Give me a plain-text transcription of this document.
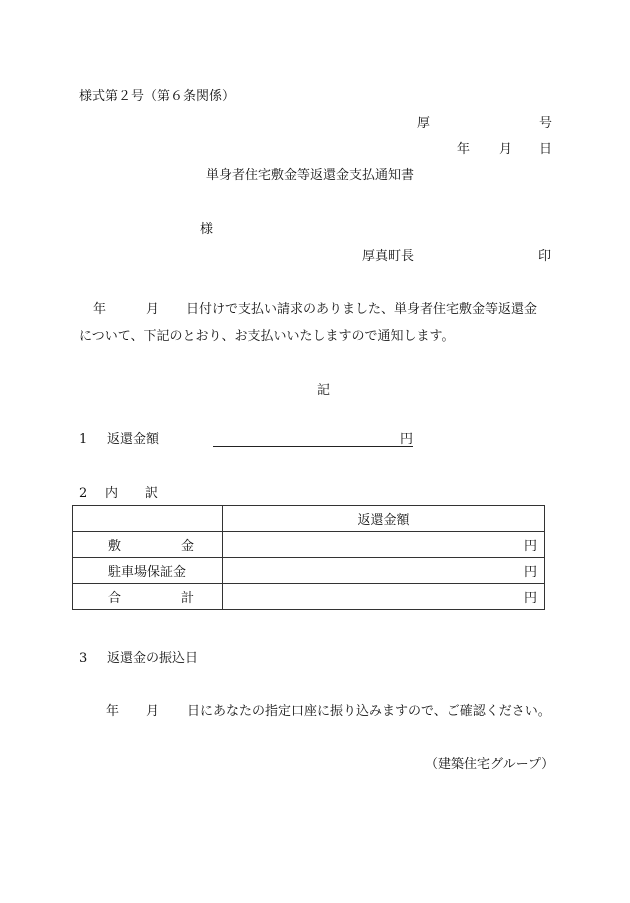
様式第２号（第６条関係）
厚	号
年 月 日
単身者住宅敷金等返還金支払通知書
様
厚真町長	印
年	月 日付けで支払い請求のありました、単身者住宅敷金等返還金
について、下記のとおり、お支払いいたしますので通知します。
記
1 返還金額	円
2 内 訳
	返還金額

敷 金	円

駐車場保証金	円

合 計	円
3 返還金の振込日
年 月 日にあなたの指定口座に振り込みますので、ご確認ください。
（建築住宅グループ）
